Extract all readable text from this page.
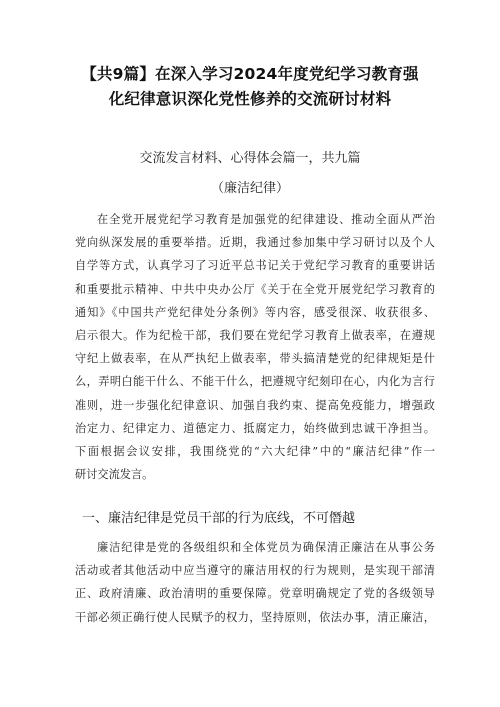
【共9篇】在深入学习2024年度党纪学习教育强
化纪律意识深化党性修养的交流研讨材料
交流发言材料、心得体会篇一，共九篇
（廉洁纪律）
在全党开展党纪学习教育是加强党的纪律建设、推动全面从严治
党向纵深发展的重要举措。近期，我通过参加集中学习研讨以及个人
自学等方式，认真学习了习近平总书记关于党纪学习教育的重要讲话
和重要批示精神、中共中央办公厅《关于在全党开展党纪学习教育的
通知》《中国共产党纪律处分条例》等内容，感受很深、收获很多、
启示很大。作为纪检干部，我们要在党纪学习教育上做表率，在遵规
守纪上做表率，在从严执纪上做表率，带头搞清楚党的纪律规矩是什
么，弄明白能干什么、不能干什么，把遵规守纪刻印在心，内化为言行
准则，进一步强化纪律意识、加强自我约束、提高免疫能力，增强政
治定力、纪律定力、道德定力、抵腐定力，始终做到忠诚干净担当。
下面根据会议安排，我围绕党的“六大纪律”中的“廉洁纪律”作一
研讨交流发言。
一、廉洁纪律是党员干部的行为底线，不可僭越
廉洁纪律是党的各级组织和全体党员为确保清正廉洁在从事公务
活动或者其他活动中应当遵守的廉洁用权的行为规则，是实现干部清
正、政府清廉、政治清明的重要保障。党章明确规定了党的各级领导
干部必须正确行使人民赋予的权力，坚持原则，依法办事，清正廉洁，
